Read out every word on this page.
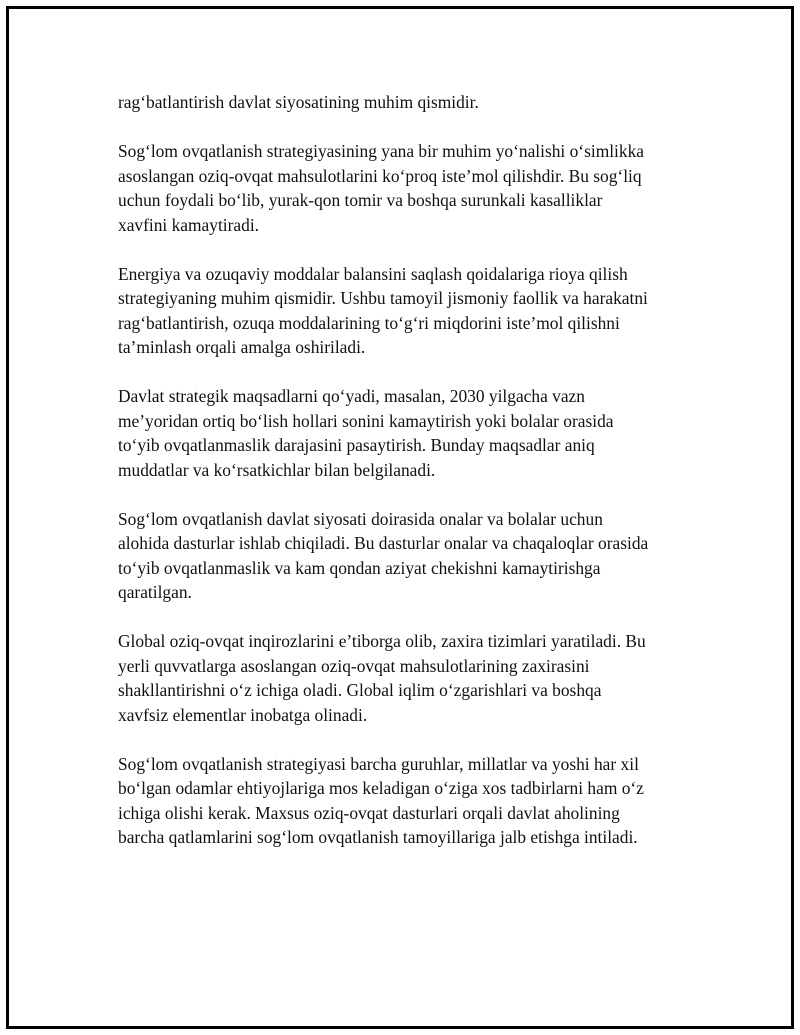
rag‘batlantirish davlat siyosatining muhim qismidir.

Sog‘lom ovqatlanish strategiyasining yana bir muhim yo‘nalishi o‘simlikka
asoslangan oziq-ovqat mahsulotlarini ko‘proq iste’mol qilishdir. Bu sog‘liq
uchun foydali bo‘lib, yurak-qon tomir va boshqa surunkali kasalliklar
xavfini kamaytiradi.

Energiya va ozuqaviy moddalar balansini saqlash qoidalariga rioya qilish
strategiyaning muhim qismidir. Ushbu tamoyil jismoniy faollik va harakatni
rag‘batlantirish, ozuqa moddalarining to‘g‘ri miqdorini iste’mol qilishni
ta’minlash orqali amalga oshiriladi.

Davlat strategik maqsadlarni qo‘yadi, masalan, 2030 yilgacha vazn
me’yoridan ortiq bo‘lish hollari sonini kamaytirish yoki bolalar orasida
to‘yib ovqatlanmaslik darajasini pasaytirish. Bunday maqsadlar aniq
muddatlar va ko‘rsatkichlar bilan belgilanadi.

Sog‘lom ovqatlanish davlat siyosati doirasida onalar va bolalar uchun
alohida dasturlar ishlab chiqiladi. Bu dasturlar onalar va chaqaloqlar orasida
to‘yib ovqatlanmaslik va kam qondan aziyat chekishni kamaytirishga
qaratilgan.

Global oziq-ovqat inqirozlarini e’tiborga olib, zaxira tizimlari yaratiladi. Bu
yerli quvvatlarga asoslangan oziq-ovqat mahsulotlarining zaxirasini
shakllantirishni o‘z ichiga oladi. Global iqlim o‘zgarishlari va boshqa
xavfsiz elementlar inobatga olinadi.

Sog‘lom ovqatlanish strategiyasi barcha guruhlar, millatlar va yoshi har xil
bo‘lgan odamlar ehtiyojlariga mos keladigan o‘ziga xos tadbirlarni ham o‘z
ichiga olishi kerak. Maxsus oziq-ovqat dasturlari orqali davlat aholining
barcha qatlamlarini sog‘lom ovqatlanish tamoyillariga jalb etishga intiladi.
